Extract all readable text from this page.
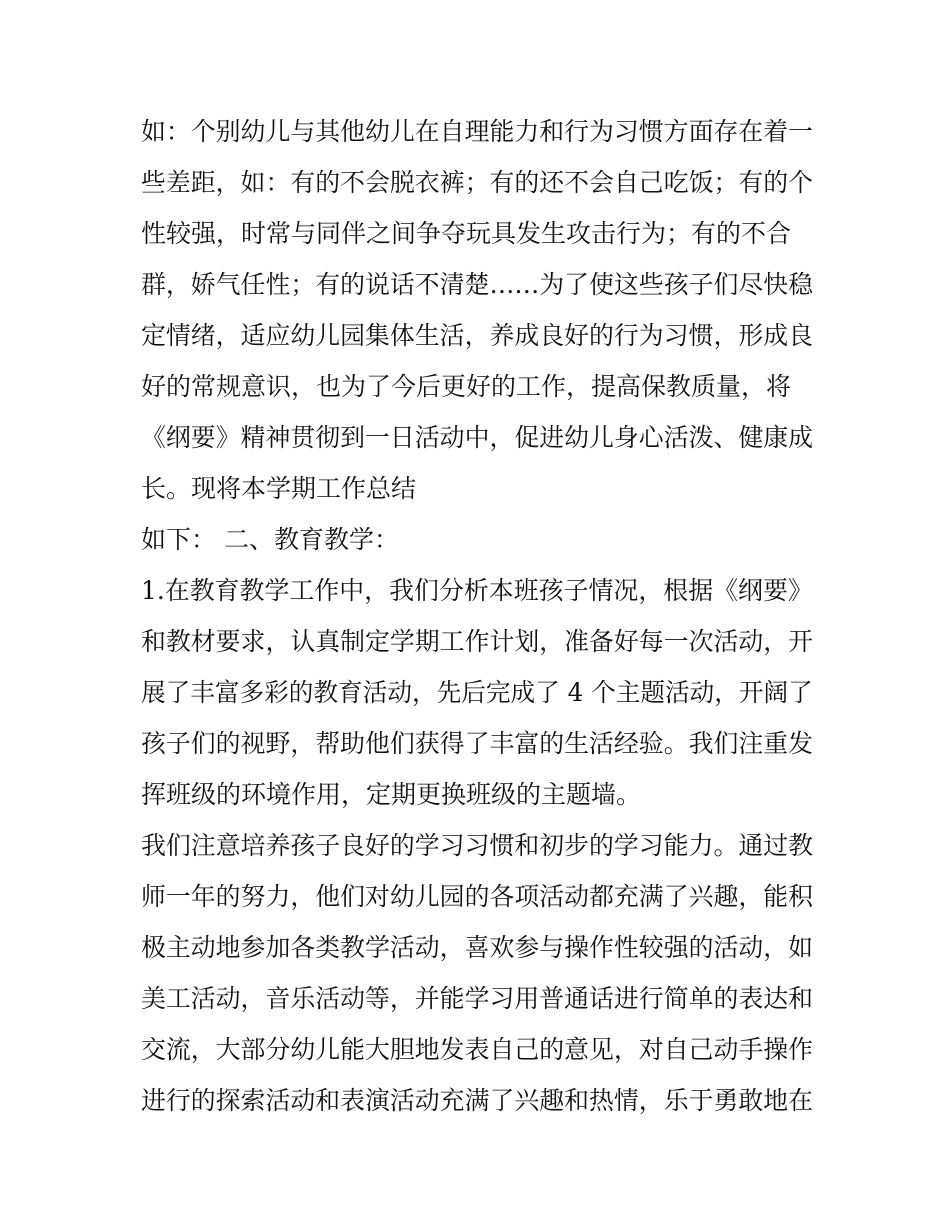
如：个别幼儿与其他幼儿在自理能力和行为习惯方面存在着一
些差距，如：有的不会脱衣裤；有的还不会自己吃饭；有的个
性较强，时常与同伴之间争夺玩具发生攻击行为；有的不合
群，娇气任性；有的说话不清楚……为了使这些孩子们尽快稳
定情绪，适应幼儿园集体生活，养成良好的行为习惯，形成良
好的常规意识，也为了今后更好的工作，提高保教质量，将
《纲要》精神贯彻到一日活动中，促进幼儿身心活泼、健康成
长。现将本学期工作总结
如下： 二、教育教学：
1.在教育教学工作中，我们分析本班孩子情况，根据《纲要》
和教材要求，认真制定学期工作计划，准备好每一次活动，开
展了丰富多彩的教育活动，先后完成了 4 个主题活动，开阔了
孩子们的视野，帮助他们获得了丰富的生活经验。我们注重发
挥班级的环境作用，定期更换班级的主题墙。
我们注意培养孩子良好的学习习惯和初步的学习能力。通过教
师一年的努力，他们对幼儿园的各项活动都充满了兴趣，能积
极主动地参加各类教学活动，喜欢参与操作性较强的活动，如
美工活动，音乐活动等，并能学习用普通话进行简单的表达和
交流，大部分幼儿能大胆地发表自己的意见，对自己动手操作
进行的探索活动和表演活动充满了兴趣和热情，乐于勇敢地在
